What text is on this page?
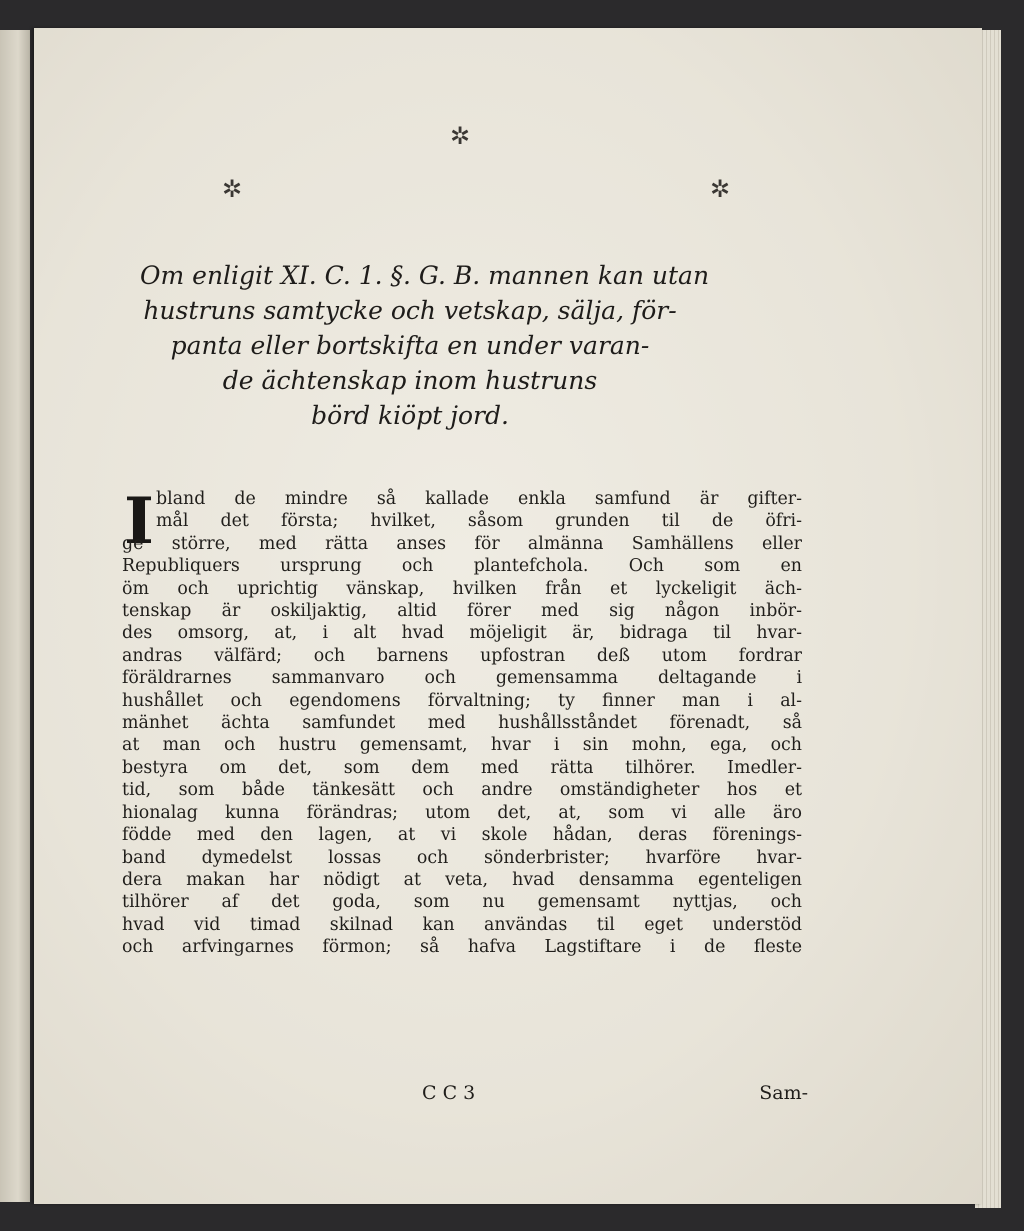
✲
✲	✲
Om enligit XI. C. 1. §. G. B. mannen kan utan
hustruns samtycke och vetskap, sälja, för-
panta eller bortskifta en under varan-
de ächtenskap inom hustruns
börd kiöpt jord.
I bland de mindre så kallade enkla samfund är gifter-
mål det första; hvilket, såsom grunden til de öfri-
ge större, med rätta anses för almänna Samhällens eller
Republiquers ursprung och plantefchola. Och som en
öm och uprichtig vänskap, hvilken från et lyckeligit äch-
tenskap är oskiljaktig, altid förer med sig någon inbör-
des omsorg, at, i alt hvad möjeligit är, bidraga til hvar-
andras välfärd; och barnens upfostran deß utom fordrar
föräldrarnes sammanvaro och gemensamma deltagande i
hushållet och egendomens förvaltning; ty finner man i al-
mänhet ächta samfundet med hushållsståndet förenadt, så
at man och hustru gemensamt, hvar i sin mohn, ega, och
bestyra om det, som dem med rätta tilhörer. Imedler-
tid, som både tänkesätt och andre omständigheter hos et
hionalag kunna förändras; utom det, at, som vi alle äro
födde med den lagen, at vi skole hådan, deras förenings-
band dymedelst lossas och sönderbrister; hvarföre hvar-
dera makan har nödigt at veta, hvad densamma egenteligen
tilhörer af det goda, som nu gemensamt nyttjas, och
hvad vid timad skilnad kan användas til eget understöd
och arfvingarnes förmon; så hafva Lagstiftare i de fleste
C C 3	Sam-
